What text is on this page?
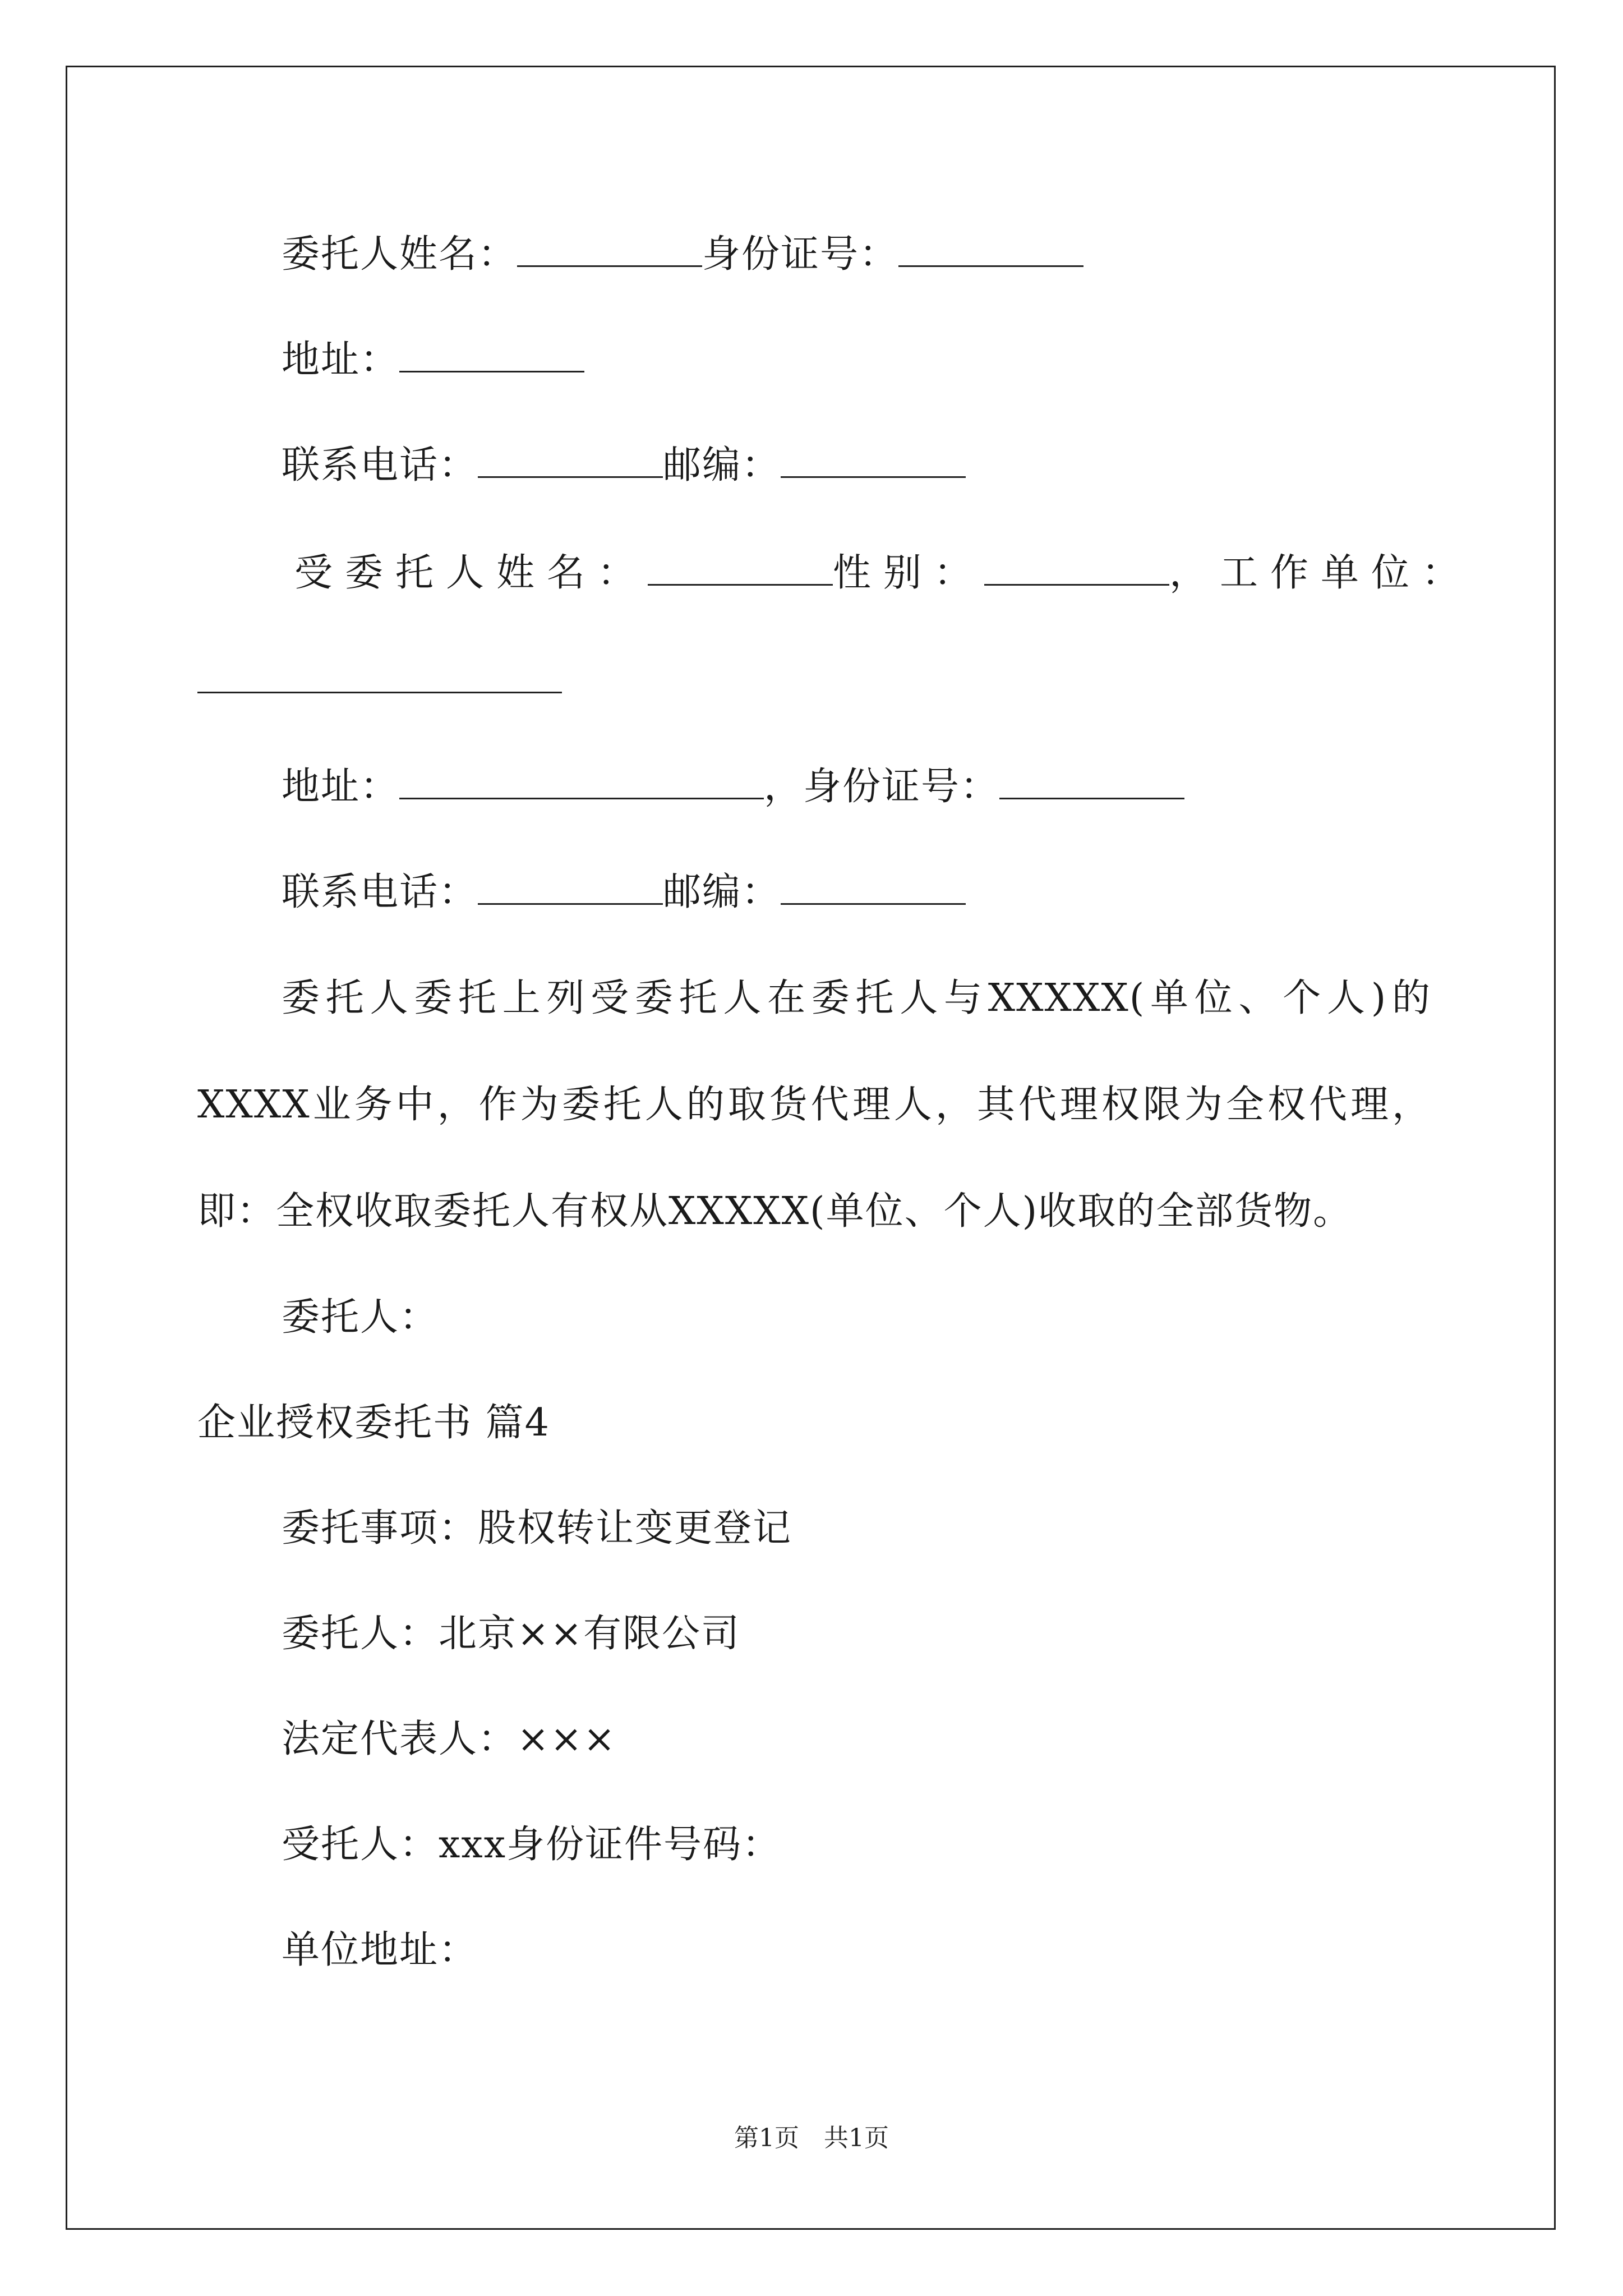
委托人姓名：	身份证号：
地址：
联系电话：	邮编：
受委托人姓名：	性别：	，工作单位：
地址：	，身份证号：
联系电话：	邮编：
委托人委托上列受委托人在委托人与XXXXX(单位、个人)的XXXX业务中，作为委托人的取货代理人，其代理权限为全权代理，即：全权收取委托人有权从XXXXX(单位、个人)收取的全部货物。
委托人：
企业授权委托书 篇4
委托事项：股权转让变更登记
委托人：北京××有限公司
法定代表人：×××
受托人：xxx身份证件号码：
单位地址：
第1页　共1页
